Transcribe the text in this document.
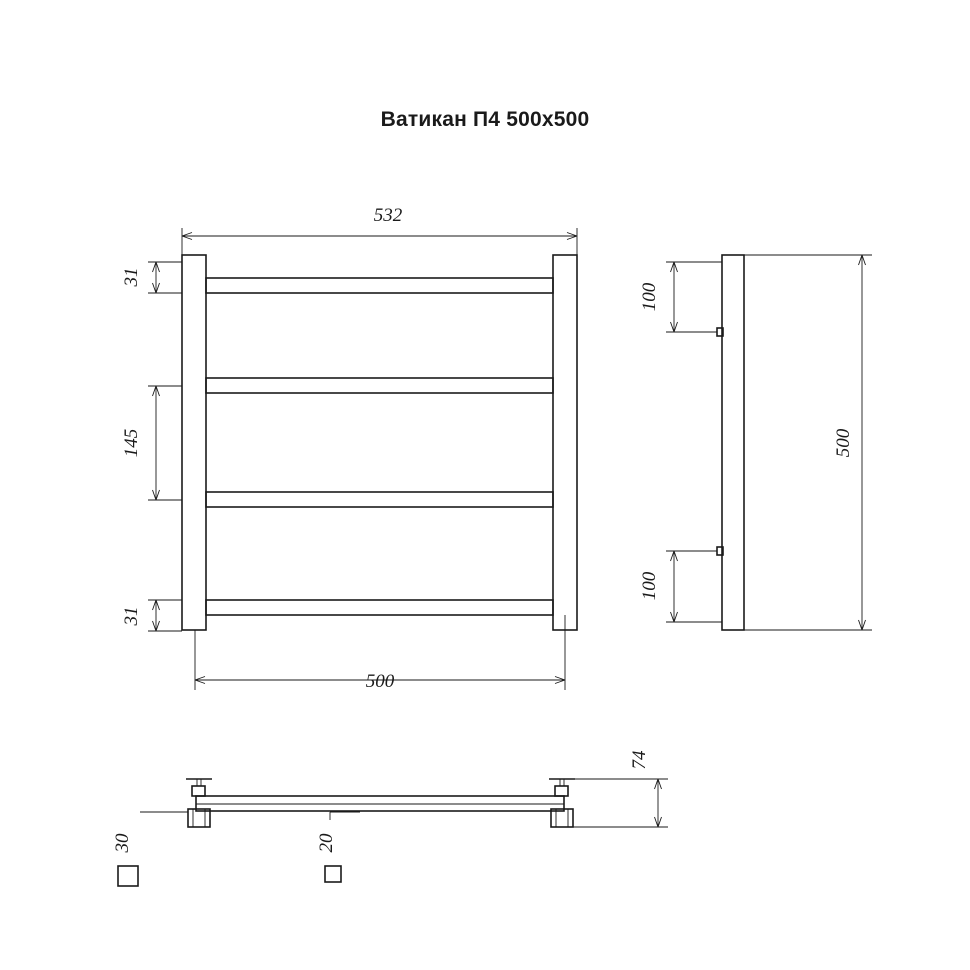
Ватикан П4 500x500
532
500
31
145
31
100
100
500
74
30	20
